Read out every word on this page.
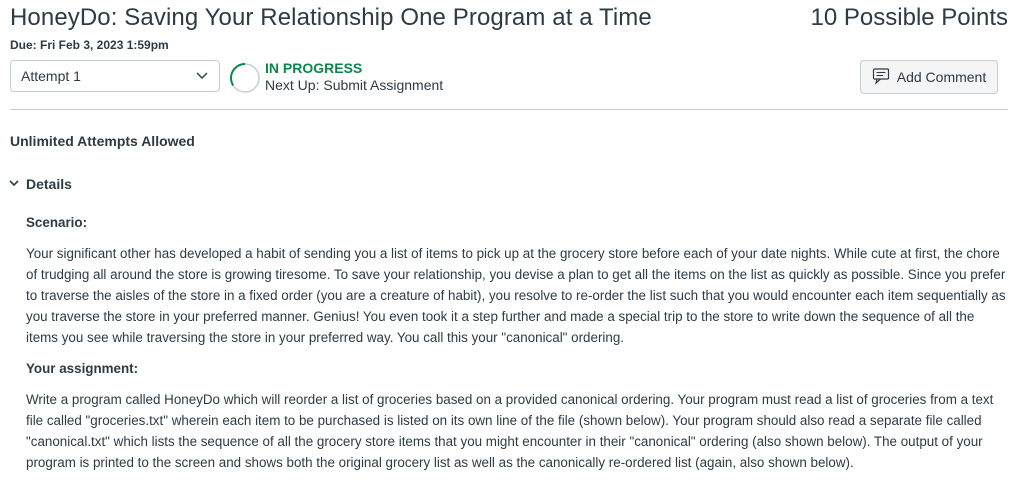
HoneyDo: Saving Your Relationship One Program at a Time	10 Possible Points
Due: Fri Feb 3, 2023 1:59pm
Attempt 1	IN PROGRESS
Next Up: Submit Assignment	Add Comment
Unlimited Attempts Allowed
Details
Scenario:

Your significant other has developed a habit of sending you a list of items to pick up at the grocery store before each of your date nights. While cute at first, the chore of trudging all around the store is growing tiresome. To save your relationship, you devise a plan to get all the items on the list as quickly as possible. Since you prefer to traverse the aisles of the store in a fixed order (you are a creature of habit), you resolve to re-order the list such that you would encounter each item sequentially as you traverse the store in your preferred manner. Genius! You even took it a step further and made a special trip to the store to write down the sequence of all the items you see while traversing the store in your preferred way. You call this your "canonical" ordering.

Your assignment:

Write a program called HoneyDo which will reorder a list of groceries based on a provided canonical ordering. Your program must read a list of groceries from a text file called "groceries.txt" wherein each item to be purchased is listed on its own line of the file (shown below). Your program should also read a separate file called "canonical.txt" which lists the sequence of all the grocery store items that you might encounter in their "canonical" ordering (also shown below). The output of your program is printed to the screen and shows both the original grocery list as well as the canonically re-ordered list (again, also shown below).
